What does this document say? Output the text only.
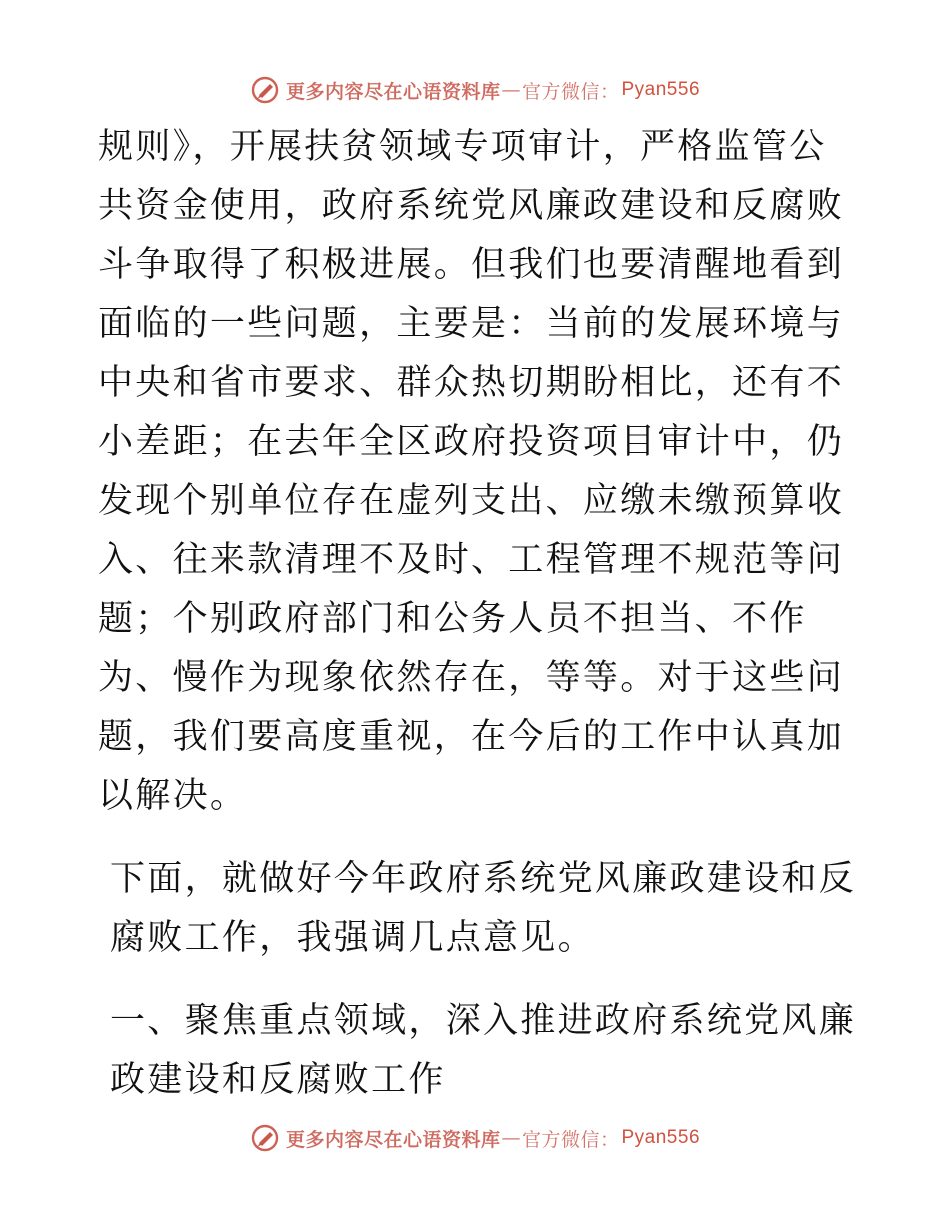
更多内容尽在心语资料库 — 官方微信： Pyan556

规则》，开展扶贫领域专项审计，严格监管公共资金使用，政府系统党风廉政建设和反腐败斗争取得了积极进展。但我们也要清醒地看到面临的一些问题，主要是：当前的发展环境与中央和省市要求、群众热切期盼相比，还有不小差距；在去年全区政府投资项目审计中，仍发现个别单位存在虚列支出、应缴未缴预算收入、往来款清理不及时、工程管理不规范等问题；个别政府部门和公务人员不担当、不作为、慢作为现象依然存在，等等。对于这些问题，我们要高度重视，在今后的工作中认真加以解决。

下面，就做好今年政府系统党风廉政建设和反腐败工作，我强调几点意见。

一、聚焦重点领域，深入推进政府系统党风廉政建设和反腐败工作

更多内容尽在心语资料库 — 官方微信： Pyan556
